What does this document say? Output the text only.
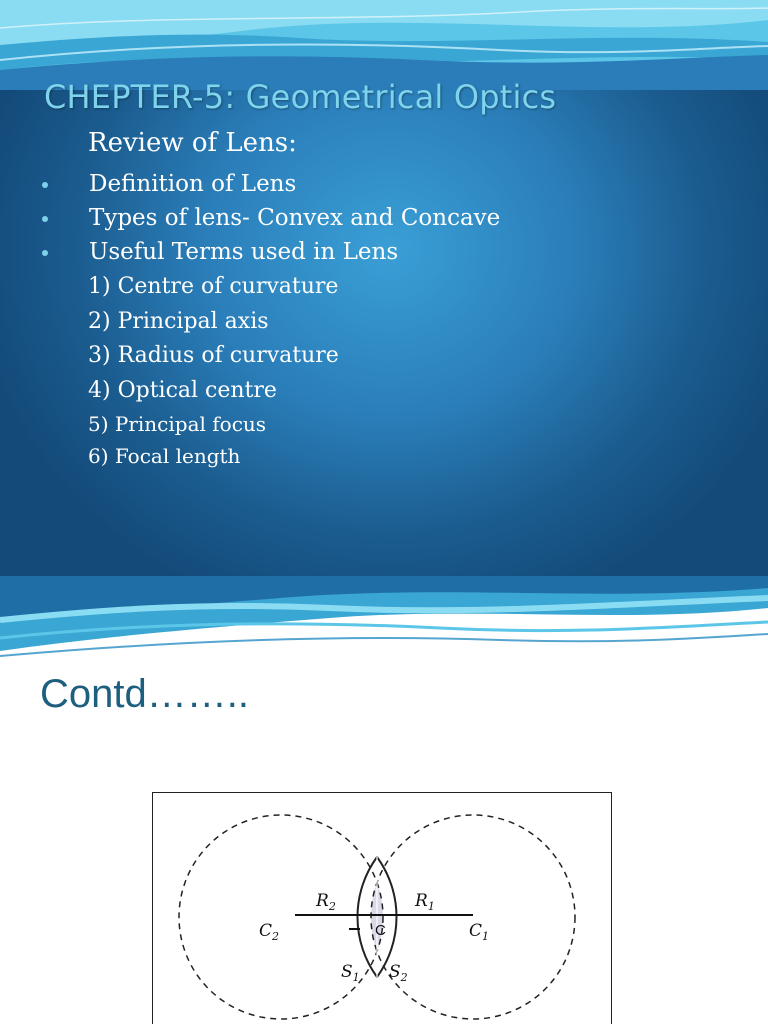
CHEPTER-5: Geometrical Optics
Review of Lens:
Definition of Lens
Types of lens- Convex and Concave
Useful Terms used in Lens
1) Centre of curvature
2) Principal axis
3) Radius of curvature
4) Optical centre
5) Principal focus
6) Focal length
Contd……..
$R_2$	$R_1$
$C_2$	$C_1$
C
$S_1$ $S_2$
